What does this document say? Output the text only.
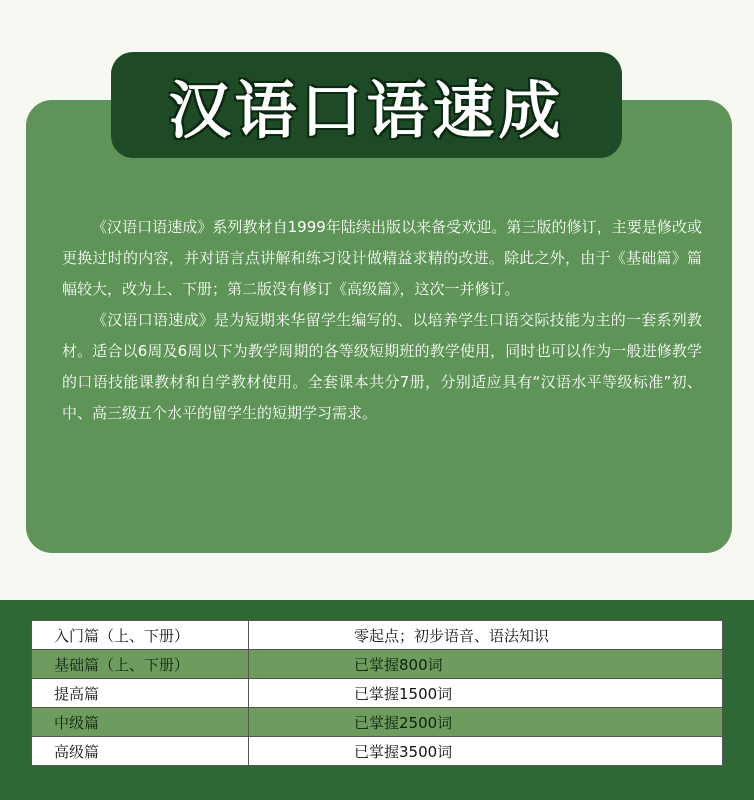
汉语口语速成

《汉语口语速成》系列教材自1999年陆续出版以来备受欢迎。第三版的修订，主要是修改或更换过时的内容，并对语言点讲解和练习设计做精益求精的改进。除此之外，由于《基础篇》篇幅较大，改为上、下册；第二版没有修订《高级篇》，这次一并修订。

《汉语口语速成》是为短期来华留学生编写的、以培养学生口语交际技能为主的一套系列教材。适合以6周及6周以下为教学周期的各等级短期班的教学使用，同时也可以作为一般进修教学的口语技能课教材和自学教材使用。全套课本共分7册，分别适应具有“汉语水平等级标准”初、中、高三级五个水平的留学生的短期学习需求。

入门篇（上、下册）	零起点；初步语音、语法知识
基础篇（上、下册）	已掌握800词
提高篇	已掌握1500词
中级篇	已掌握2500词
高级篇	已掌握3500词
